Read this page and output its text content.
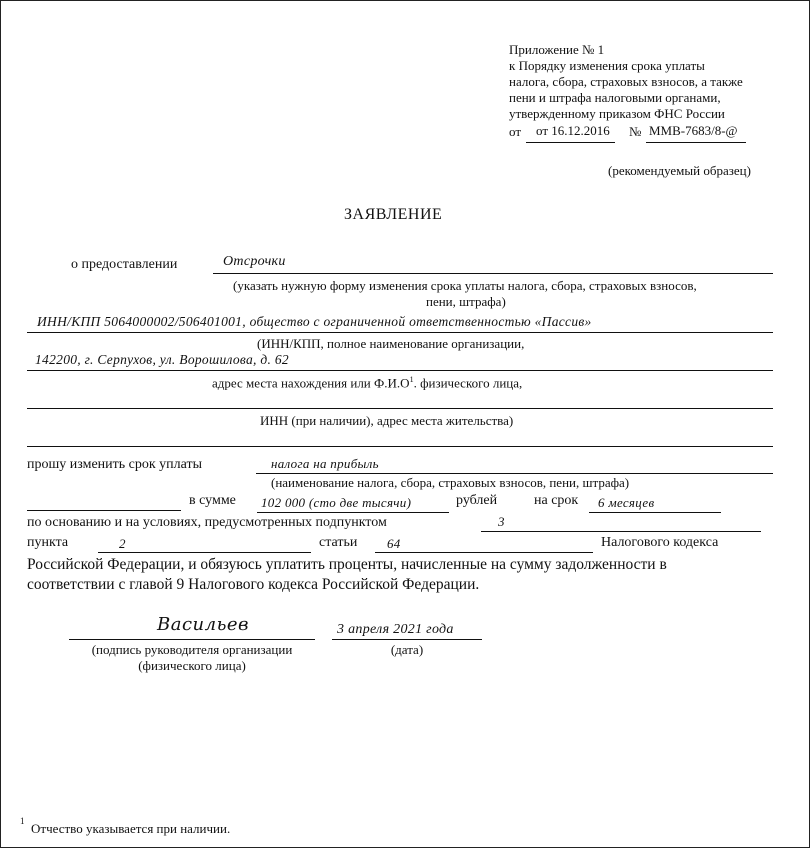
Приложение № 1
к Порядку изменения срока уплаты
налога, сбора, страховых взносов, а также
пени и штрафа налоговыми органами,
утвержденному приказом ФНС России
от от 16.12.2016 № ММВ-7683/8-@
(рекомендуемый образец)
ЗАЯВЛЕНИЕ
о предоставлении	Отсрочки
(указать нужную форму изменения срока уплаты налога, сбора, страховых взносов,
пени, штрафа)
ИНН/КПП 5064000002/506401001, общество с ограниченной ответственностью «Пассив»
(ИНН/КПП, полное наименование организации,
142200, г. Серпухов, ул. Ворошилова, д. 62
адрес места нахождения или $Ф.И.О^1$. физического лица,
ИНН (при наличии), адрес места жительства)
прошу изменить срок уплаты	налога на прибыль
(наименование налога, сбора, страховых взносов, пени, штрафа)
в сумме 102 000 (сто две тысячи)	рублей	на срок 6 месяцев
по основанию и на условиях, предусмотренных подпунктом	3
пункта	2	статьи 64	Налогового кодекса
Российской Федерации, и обязуюсь уплатить проценты, начисленные на сумму задолженности в
соответствии с главой 9 Налогового кодекса Российской Федерации.
Васильев
(подпись руководителя организации
(физического лица)
3 апреля 2021 года
(дата)
1 Отчество указывается при наличии.
